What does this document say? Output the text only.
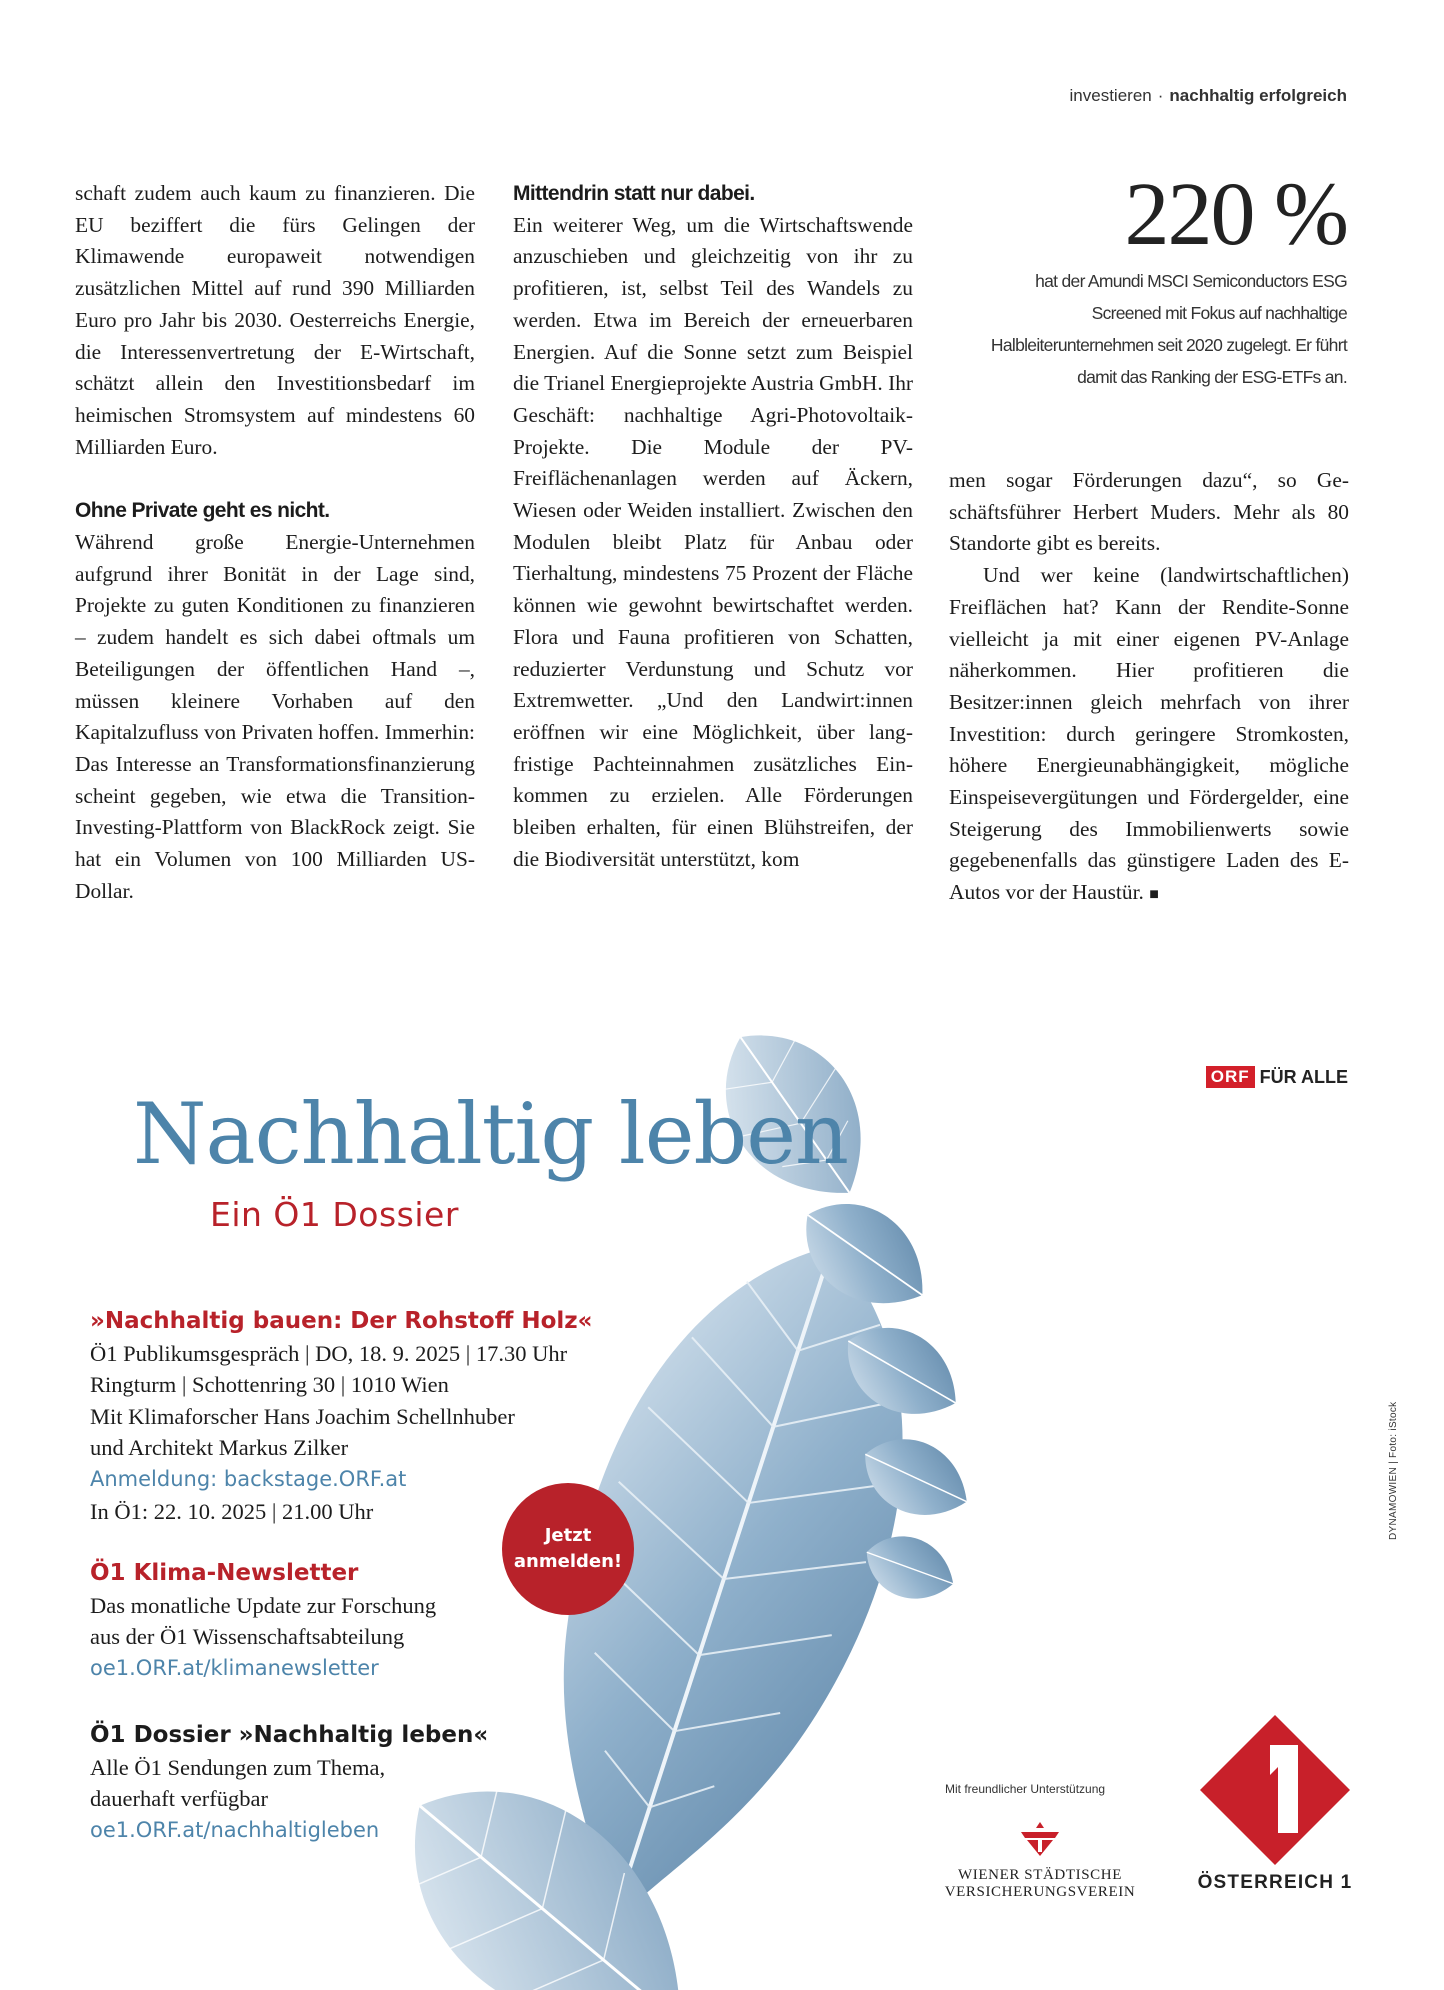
investieren · nachhaltig erfolgreich

schaft zudem auch kaum zu finanzieren. Die EU beziffert die fürs Gelingen der Klimawende europaweit notwendigen zusätzlichen Mittel auf rund 390 Milliarden Euro pro Jahr bis 2030. Oesterreichs Energie, die Interessenvertretung der E-Wirtschaft, schätzt allein den Investitionsbedarf im heimischen Stromsystem auf mindestens 60 Milliarden Euro.

Ohne Private geht es nicht.

Während große Energie-Unternehmen aufgrund ihrer Bonität in der Lage sind, Projekte zu guten Konditionen zu finanzieren – zudem handelt es sich dabei oftmals um Beteiligungen der öffentlichen Hand –, müssen kleinere Vorhaben auf den Kapitalzufluss von Privaten hoffen. Immerhin: Das Interesse an Transformationsfinanzierung scheint gegeben, wie etwa die Transition-Investing-Plattform von BlackRock zeigt. Sie hat ein Volumen von 100 Milliarden US-Dollar.

Mittendrin statt nur dabei.

Ein weiterer Weg, um die Wirtschaftswende anzuschieben und gleichzeitig von ihr zu profitieren, ist, selbst Teil des Wandels zu werden. Etwa im Bereich der erneuerbaren Energien. Auf die Sonne setzt zum Beispiel die Trianel Energieprojekte Austria GmbH. Ihr Geschäft: nachhaltige Agri-Photovoltaik-Projekte. Die Module der PV-Freiflächenanlagen werden auf Äckern, Wiesen oder Weiden installiert. Zwischen den Modulen bleibt Platz für Anbau oder Tierhaltung, mindestens 75 Prozent der Fläche können wie gewohnt bewirtschaftet werden. Flora und Fauna profitieren von Schatten, reduzierter Verdunstung und Schutz vor Extremwetter. „Und den Landwirt:innen eröffnen wir eine Möglichkeit, über langfristige Pachteinnahmen zusätzliches Einkommen zu erzielen. Alle Förderungen bleiben erhalten, für einen Blühstreifen, der die Biodiversität unterstützt, kom

220 %
hat der Amundi MSCI Semiconductors ESG Screened mit Fokus auf nachhaltige Halbleiterunternehmen seit 2020 zugelegt. Er führt damit das Ranking der ESG-ETFs an.

men sogar Förderungen dazu“, so Geschäftsführer Herbert Muders. Mehr als 80 Standorte gibt es bereits.

Und wer keine (landwirtschaftlichen) Freiflächen hat? Kann der Rendite-Sonne vielleicht ja mit einer eigenen PV-Anlage näherkommen. Hier profitieren die Besitzer:innen gleich mehrfach von ihrer Investition: durch geringere Stromkosten, höhere Energieunabhängigkeit, mögliche Einspeisevergütungen und Fördergelder, eine Steigerung des Immobilienwerts sowie gegebenenfalls das günstigere Laden des E-Autos vor der Haustür. ■

ORF FÜR ALLE
Nachhaltig leben
Ein Ö1 Dossier
»Nachhaltig bauen: Der Rohstoff Holz«
Ö1 Publikumsgespräch | DO, 18. 9. 2025 | 17.30 Uhr
Ringturm | Schottenring 30 | 1010 Wien
Mit Klimaforscher Hans Joachim Schellnhuber
und Architekt Markus Zilker
Anmeldung: backstage.ORF.at
In Ö1: 22. 10. 2025 | 21.00 Uhr
Ö1 Klima-Newsletter
Das monatliche Update zur Forschung
aus der Ö1 Wissenschaftsabteilung
oe1.ORF.at/klimanewsletter
Ö1 Dossier »Nachhaltig leben«
Alle Ö1 Sendungen zum Thema,
dauerhaft verfügbar
oe1.ORF.at/nachhaltigleben
Jetzt
anmelden!
DYNAMOWIEN | Foto: iStock
Mit freundlicher Unterstützung
WIENER STÄDTISCHE
VERSICHERUNGSVEREIN	ÖSTERREICH 1
